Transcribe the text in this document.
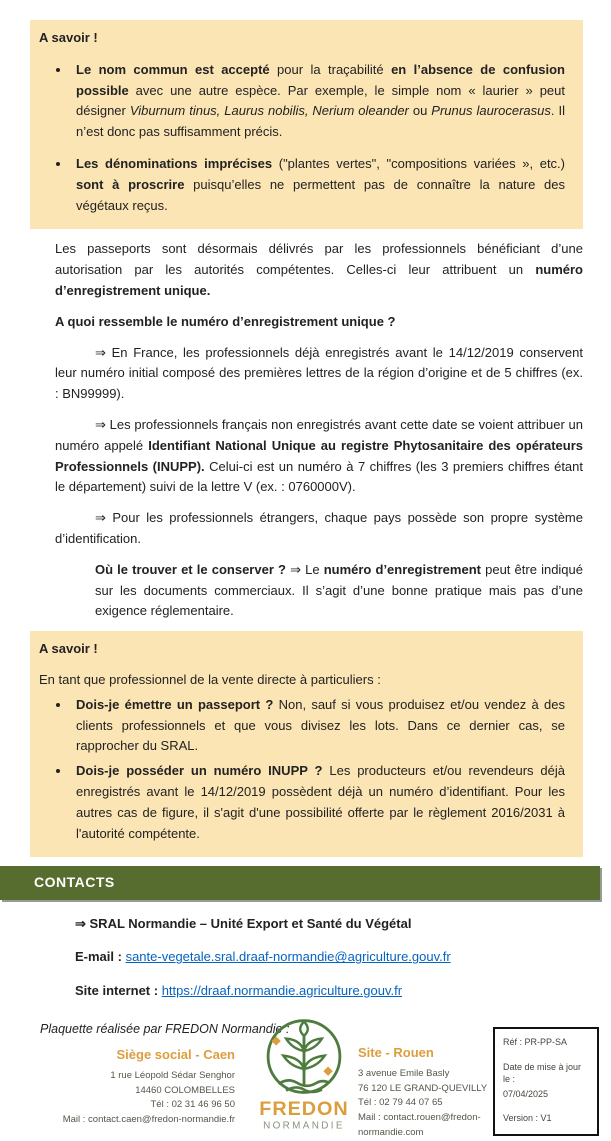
A savoir !

• Le nom commun est accepté pour la traçabilité en l’absence de confusion possible avec une autre espèce. Par exemple, le simple nom « laurier » peut désigner Viburnum tinus, Laurus nobilis, Nerium oleander ou Prunus laurocerasus. Il n’est donc pas suffisamment précis.
• Les dénominations imprécises ("plantes vertes", "compositions variées », etc.) sont à proscrire puisqu’elles ne permettent pas de connaître la nature des végétaux reçus.

Les passeports sont désormais délivrés par les professionnels bénéficiant d’une autorisation par les autorités compétentes. Celles-ci leur attribuent un numéro d’enregistrement unique.

A quoi ressemble le numéro d’enregistrement unique ?

⇒ En France, les professionnels déjà enregistrés avant le 14/12/2019 conservent leur numéro initial composé des premières lettres de la région d’origine et de 5 chiffres (ex. : BN99999).

⇒ Les professionnels français non enregistrés avant cette date se voient attribuer un numéro appelé Identifiant National Unique au registre Phytosanitaire des opérateurs Professionnels (INUPP). Celui-ci est un numéro à 7 chiffres (les 3 premiers chiffres étant le département) suivi de la lettre V (ex. : 0760000V).

⇒ Pour les professionnels étrangers, chaque pays possède son propre système d’identification.

Où le trouver et le conserver ? ⇒ Le numéro d’enregistrement peut être indiqué sur les documents commerciaux. Il s’agit d’une bonne pratique mais pas d’une exigence réglementaire.

A savoir !

En tant que professionnel de la vente directe à particuliers :

• Dois-je émettre un passeport ? Non, sauf si vous produisez et/ou vendez à des clients professionnels et que vous divisez les lots. Dans ce dernier cas, se rapprocher du SRAL.
• Dois-je posséder un numéro INUPP ? Les producteurs et/ou revendeurs déjà enregistrés avant le 14/12/2019 possèdent déjà un numéro d’identifiant. Pour les autres cas de figure, il s'agit d'une possibilité offerte par le règlement 2016/2031 à l'autorité compétente.
CONTACTS

⇒ SRAL Normandie – Unité Export et Santé du Végétal

E-mail : sante-vegetale.sral.draaf-normandie@agriculture.gouv.fr

Site internet : https://draaf.normandie.agriculture.gouv.fr

Plaquette réalisée par FREDON Normandie :
Siège social - Caen
1 rue Léopold Sédar Senghor
14460 COLOMBELLES
Tél : 02 31 46 96 50
Mail : contact.caen@fredon-normandie.fr FREDON
NORMANDIE
Site - Rouen
3 avenue Emile Basly
76 120 LE GRAND-QUEVILLY
Tél : 02 79 44 07 65
Mail : contact.rouen@fredon-normandie.com
Réf : PR-PP-SA
Date de mise à jour le :
07/04/2025
Version : V1
